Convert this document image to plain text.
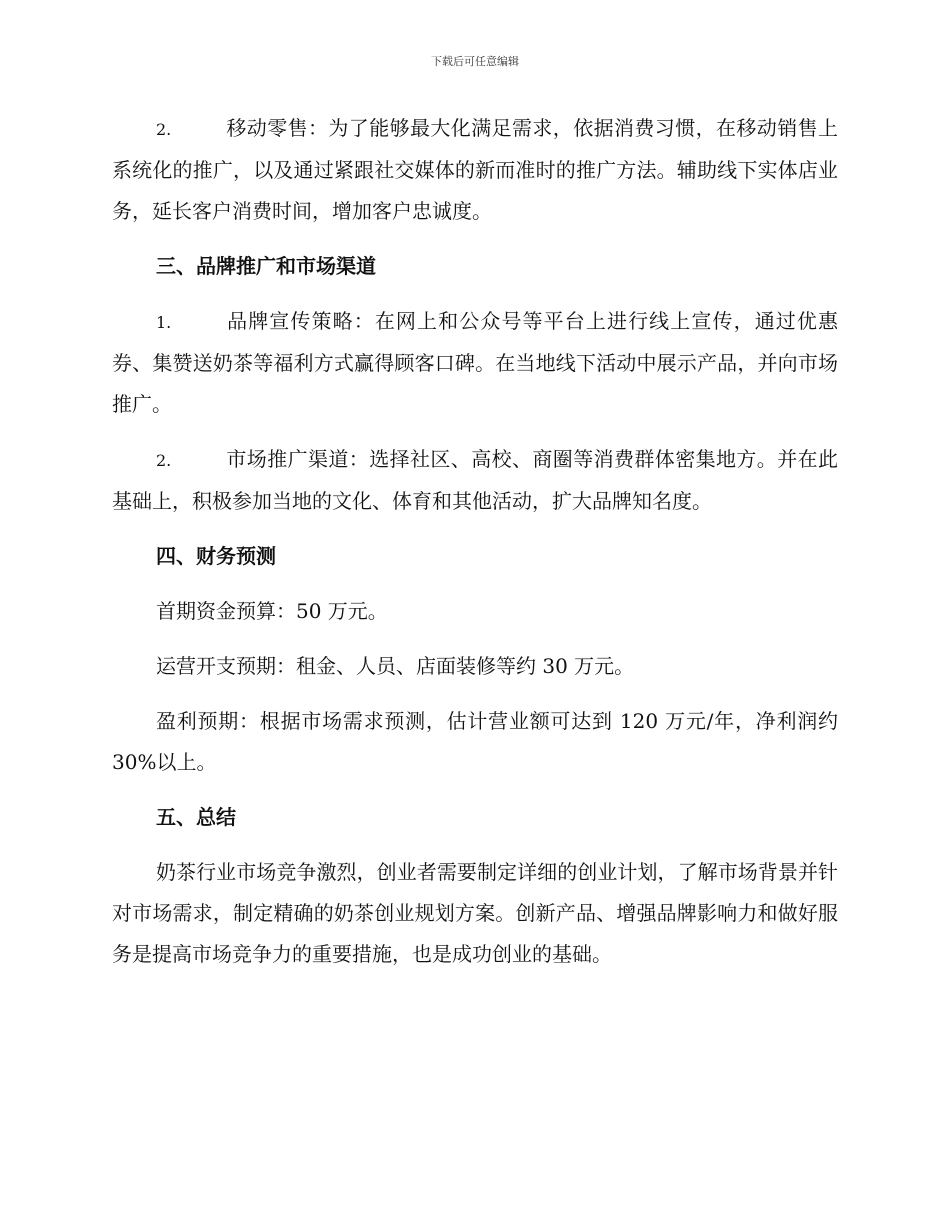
下载后可任意编辑

2.	移动零售：为了能够最大化满足需求，依据消费习惯，在移动销售上系统化的推广，以及通过紧跟社交媒体的新而准时的推广方法。辅助线下实体店业务，延长客户消费时间，增加客户忠诚度。

三、品牌推广和市场渠道

1.	品牌宣传策略：在网上和公众号等平台上进行线上宣传，通过优惠券、集赞送奶茶等福利方式赢得顾客口碑。在当地线下活动中展示产品，并向市场推广。

2.	市场推广渠道：选择社区、高校、商圈等消费群体密集地方。并在此基础上，积极参加当地的文化、体育和其他活动，扩大品牌知名度。

四、财务预测

首期资金预算：50 万元。

运营开支预期：租金、人员、店面装修等约 30 万元。

盈利预期：根据市场需求预测，估计营业额可达到 120 万元/年，净利润约 30%以上。

五、总结

奶茶行业市场竞争激烈，创业者需要制定详细的创业计划，了解市场背景并针对市场需求，制定精确的奶茶创业规划方案。创新产品、增强品牌影响力和做好服务是提高市场竞争力的重要措施，也是成功创业的基础。
